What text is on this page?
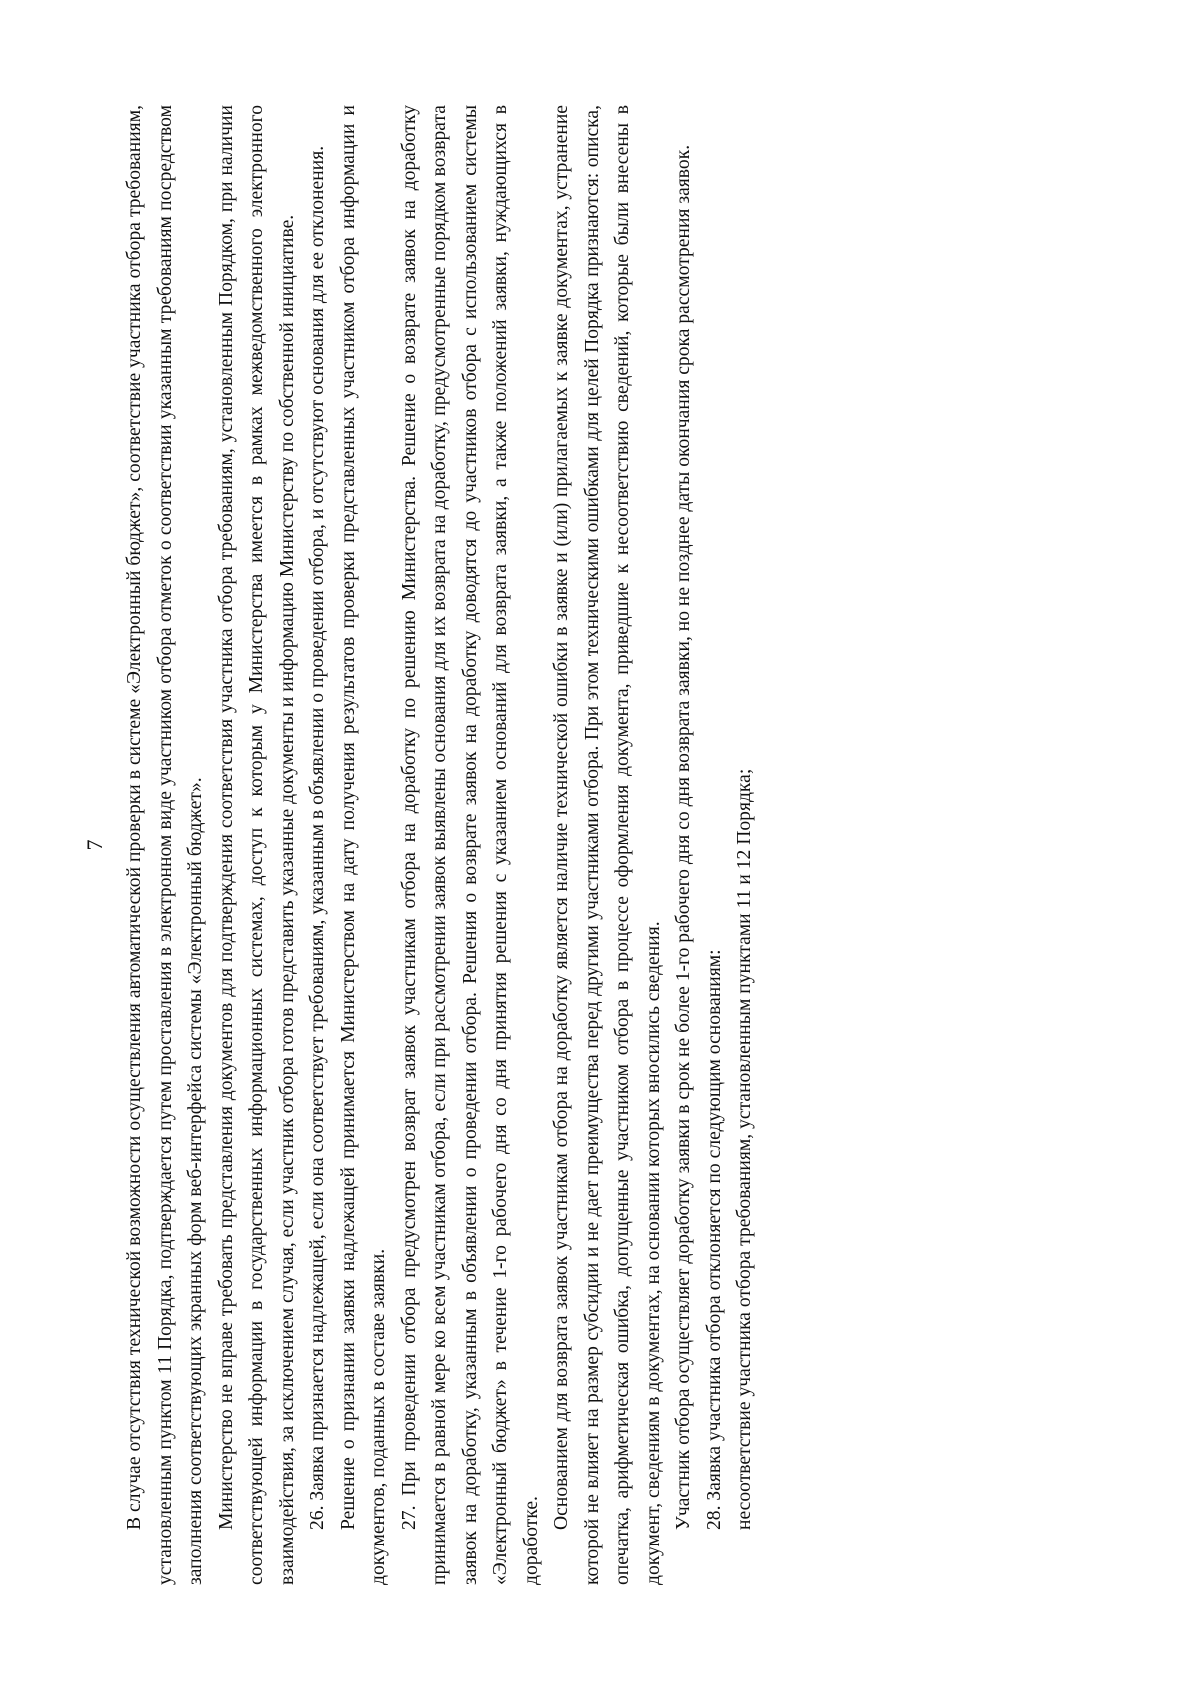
7 В случае отсутствия технической возможности осуществления автоматической проверки в системе «Электронный бюджет», соответствие участника отбора требованиям, установленным пунктом 11 Порядка, подтверждается путем проставления в электронном виде участником отбора отметок о соответствии указанным требованиям посредством заполнения соответствующих экранных форм веб-интерфейса системы «Электронный бюджет». Министерство не вправе требовать представления документов для подтверждения соответствия участника отбора требованиям, установленным Порядком, при наличии соответствующей информации в государственных информационных системах, доступ к которым у Министерства имеется в рамках межведомственного электронного взаимодействия, за исключением случая, если участник отбора готов представить указанные документы и информацию Министерству по собственной инициативе. 26. Заявка признается надлежащей, если она соответствует требованиям, указанным в объявлении о проведении отбора, и отсутствуют основания для ее отклонения. Решение о признании заявки надлежащей принимается Министерством на дату получения результатов проверки представленных участником отбора информации и документов, поданных в составе заявки. 27. При проведении отбора предусмотрен возврат заявок участникам отбора на доработку по решению Министерства. Решение о возврате заявок на доработку принимается в равной мере ко всем участникам отбора, если при рассмотрении заявок выявлены основания для их возврата на доработку, предусмотренные порядком возврата заявок на доработку, указанным в объявлении о проведении отбора. Решения о возврате заявок на доработку доводятся до участников отбора с использованием системы «Электронный бюджет» в течение 1-го рабочего дня со дня принятия решения с указанием оснований для возврата заявки, а также положений заявки, нуждающихся в доработке.

Основанием для возврата заявок участникам отбора на доработку является наличие технической ошибки в заявке и (или) прилагаемых к заявке документах, устранение которой не влияет на размер субсидии и не дает преимущества перед другими участниками отбора. При этом техническими ошибками для целей Порядка признаются: описка, опечатка, арифметическая ошибка, допущенные участником отбора в процессе оформления документа, приведшие к несоответствию сведений, которые были внесены в документ, сведениям в документах, на основании которых вносились сведения. Участник отбора осуществляет доработку заявки в срок не более 1-го рабочего дня со дня возврата заявки, но не позднее даты окончания срока рассмотрения заявок. 28. Заявка участника отбора отклоняется по следующим основаниям: несоответствие участника отбора требованиям, установленным пунктами 11 и 12 Порядка;
